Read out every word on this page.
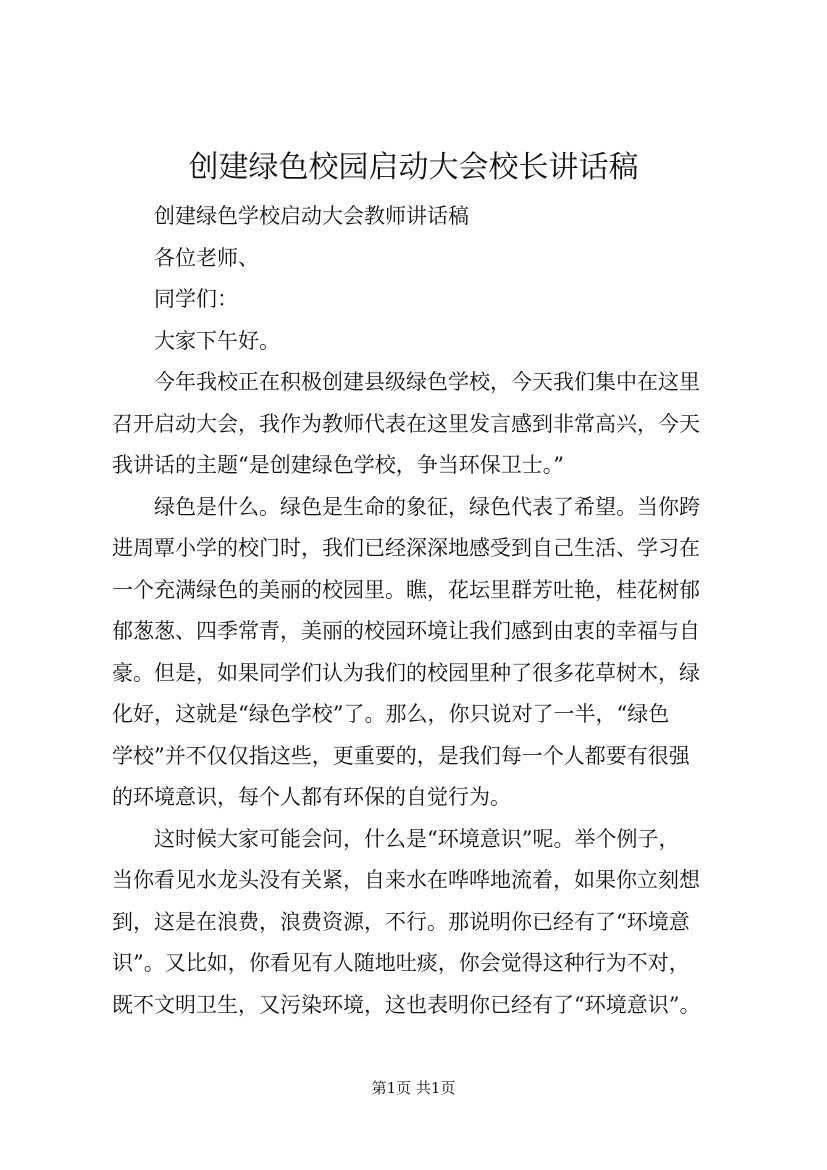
创建绿色校园启动大会校长讲话稿
创建绿色学校启动大会教师讲话稿
各位老师、
同学们：
大家下午好。
今年我校正在积极创建县级绿色学校，今天我们集中在这里
召开启动大会，我作为教师代表在这里发言感到非常高兴，今天
我讲话的主题“是创建绿色学校，争当环保卫士。”
绿色是什么。绿色是生命的象征，绿色代表了希望。当你跨
进周覃小学的校门时，我们已经深深地感受到自己生活、学习在
一个充满绿色的美丽的校园里。瞧，花坛里群芳吐艳，桂花树郁
郁葱葱、四季常青，美丽的校园环境让我们感到由衷的幸福与自
豪。但是，如果同学们认为我们的校园里种了很多花草树木，绿
化好，这就是“绿色学校”了。那么，你只说对了一半，“绿色
学校”并不仅仅指这些，更重要的，是我们每一个人都要有很强
的环境意识，每个人都有环保的自觉行为。
这时候大家可能会问，什么是“环境意识”呢。举个例子，
当你看见水龙头没有关紧，自来水在哗哗地流着，如果你立刻想
到，这是在浪费，浪费资源，不行。那说明你已经有了“环境意
识”。又比如，你看见有人随地吐痰，你会觉得这种行为不对，
既不文明卫生，又污染环境，这也表明你已经有了“环境意识”。
第1页 共1页
